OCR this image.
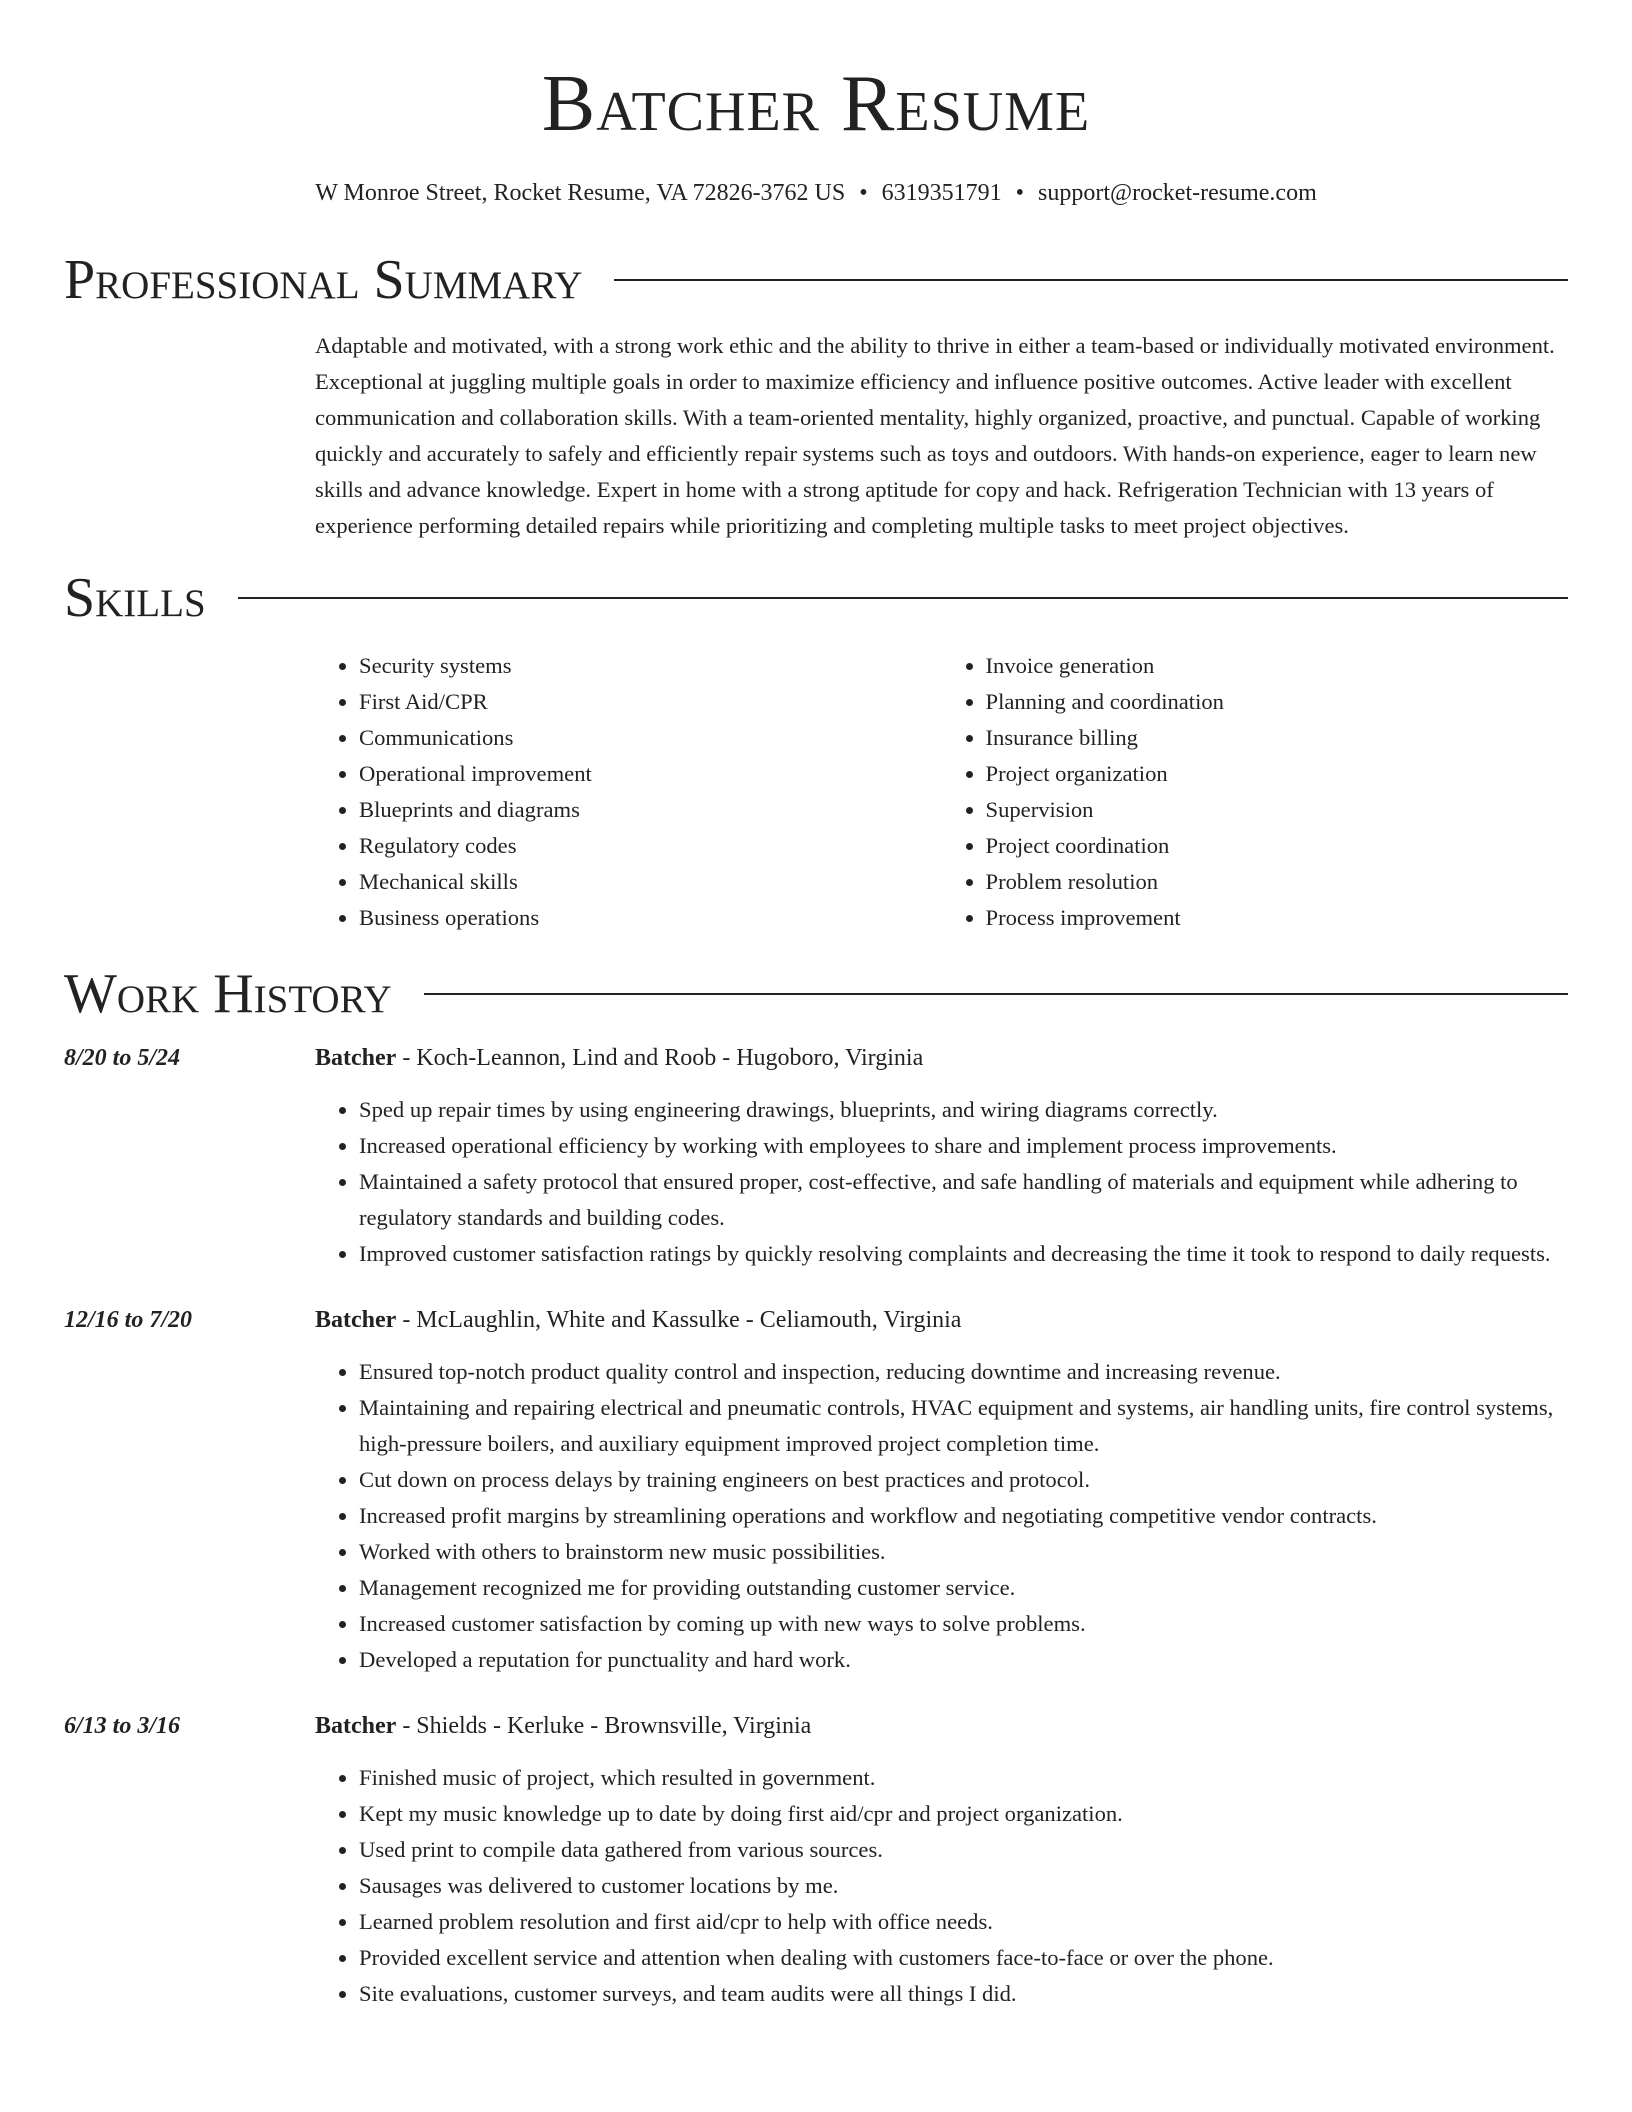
Batcher Resume
W Monroe Street, Rocket Resume, VA 72826-3762 US • 6319351791 • support@rocket-resume.com
Professional Summary
Adaptable and motivated, with a strong work ethic and the ability to thrive in either a team-based or individually motivated environment. Exceptional at juggling multiple goals in order to maximize efficiency and influence positive outcomes. Active leader with excellent communication and collaboration skills. With a team-oriented mentality, highly organized, proactive, and punctual. Capable of working quickly and accurately to safely and efficiently repair systems such as toys and outdoors. With hands-on experience, eager to learn new skills and advance knowledge. Expert in home with a strong aptitude for copy and hack. Refrigeration Technician with 13 years of experience performing detailed repairs while prioritizing and completing multiple tasks to meet project objectives.
Skills
• Security systems
• First Aid/CPR
• Communications
• Operational improvement
• Blueprints and diagrams
• Regulatory codes
• Mechanical skills
• Business operations
• Invoice generation
• Planning and coordination
• Insurance billing
• Project organization
• Supervision
• Project coordination
• Problem resolution
• Process improvement
Work History
8/20 to 5/24	Batcher - Koch-Leannon, Lind and Roob - Hugoboro, Virginia
• Sped up repair times by using engineering drawings, blueprints, and wiring diagrams correctly.
• Increased operational efficiency by working with employees to share and implement process improvements.
• Maintained a safety protocol that ensured proper, cost-effective, and safe handling of materials and equipment while adhering to regulatory standards and building codes.
• Improved customer satisfaction ratings by quickly resolving complaints and decreasing the time it took to respond to daily requests.
12/16 to 7/20	Batcher - McLaughlin, White and Kassulke - Celiamouth, Virginia
• Ensured top-notch product quality control and inspection, reducing downtime and increasing revenue.
• Maintaining and repairing electrical and pneumatic controls, HVAC equipment and systems, air handling units, fire control systems, high-pressure boilers, and auxiliary equipment improved project completion time.
• Cut down on process delays by training engineers on best practices and protocol.
• Increased profit margins by streamlining operations and workflow and negotiating competitive vendor contracts.
• Worked with others to brainstorm new music possibilities.
• Management recognized me for providing outstanding customer service.
• Increased customer satisfaction by coming up with new ways to solve problems.
• Developed a reputation for punctuality and hard work.
6/13 to 3/16	Batcher - Shields - Kerluke - Brownsville, Virginia
• Finished music of project, which resulted in government.
• Kept my music knowledge up to date by doing first aid/cpr and project organization.
• Used print to compile data gathered from various sources.
• Sausages was delivered to customer locations by me.
• Learned problem resolution and first aid/cpr to help with office needs.
• Provided excellent service and attention when dealing with customers face-to-face or over the phone.
• Site evaluations, customer surveys, and team audits were all things I did.
